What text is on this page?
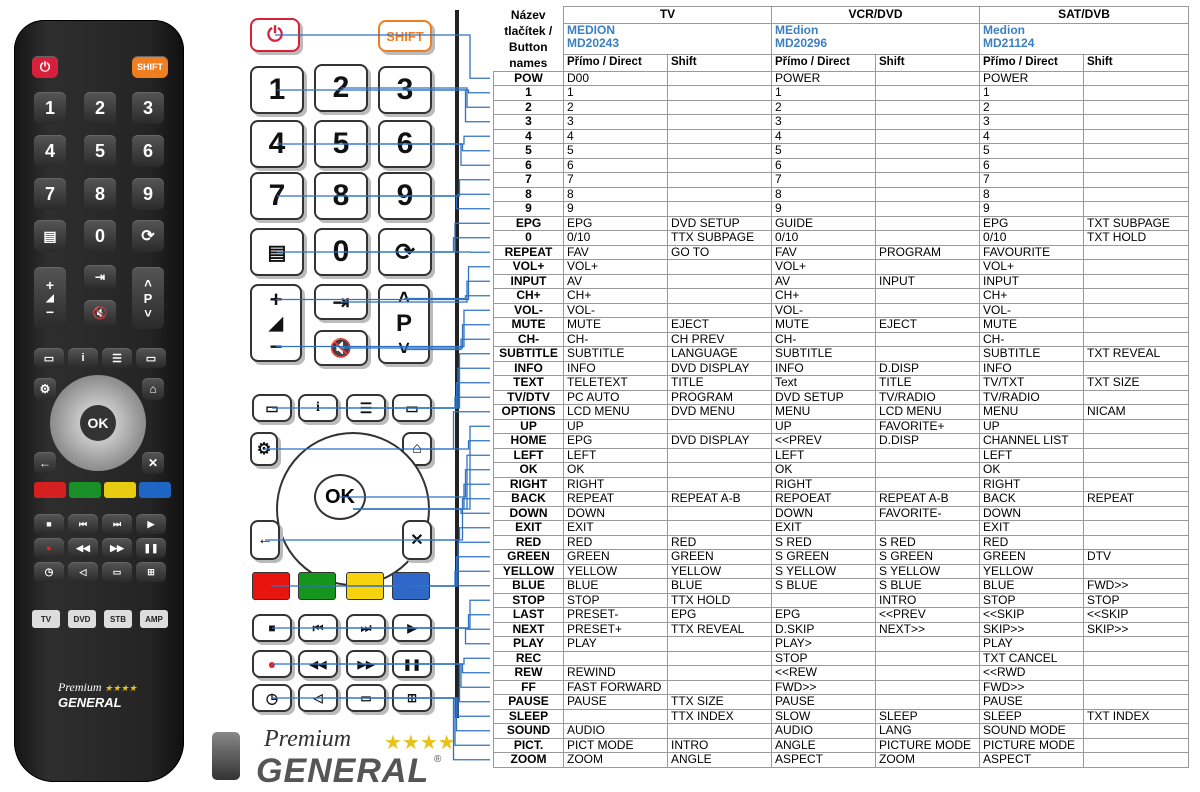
⏻	SHIFT
1	2	3
4	5	6
7	8	9
▤	0	⟳
+
◢
−
⇥
🔇
˄
P
˅
▭	i	☰	▭
⚙	⌂
OK
←	✕
■	⏮	⏭	▶
●	◀◀	▶▶	❚❚
◷	◁	▭	⊞
TV	DVD	STB	AMP
Premium ★★★★
GENERAL
⏻	SHIFT
1	2	3
4	5	6
7	8	9
▤	0	⟳
+
◢
−
⇥
🔇
˄
P
˅
▭	i	☰	▭
⚙	⌂
OK
←	✕
■	⏮	⏭	▶
●	◀◀	▶▶	❚❚
◷	◁	▭	⊞
Premium ★★★★
GENERAL ®
Název tlačítek / Button names	TV		VCR/DVD		SAT/DVB	
	MEDION
MD20243		MEdion
MD20296		Medion
MD21124	
	Přímo / Direct	Shift	Přímo / Direct	Shift	Přímo / Direct	Shift
POW	D00		POWER		POWER	
1	1		1		1	
2	2		2		2	
3	3		3		3	
4	4		4		4	
5	5		5		5	
6	6		6		6	
7	7		7		7	
8	8		8		8	
9	9		9		9	
EPG	EPG	DVD SETUP	GUIDE		EPG	TXT SUBPAGE
0	0/10	TTX SUBPAGE	0/10		0/10	TXT HOLD
REPEAT	FAV	GO TO	FAV	PROGRAM	FAVOURITE	
VOL+	VOL+		VOL+		VOL+	
INPUT	AV		AV	INPUT	INPUT	
CH+	CH+		CH+		CH+	
VOL-	VOL-		VOL-		VOL-	
MUTE	MUTE	EJECT	MUTE	EJECT	MUTE	
CH-	CH-	CH PREV	CH-		CH-	
SUBTITLE	SUBTITLE	LANGUAGE	SUBTITLE		SUBTITLE	TXT REVEAL
INFO	INFO	DVD DISPLAY	INFO	D.DISP	INFO	
TEXT	TELETEXT	TITLE	Text	TITLE	TV/TXT	TXT SIZE
TV/DTV	PC AUTO	PROGRAM	DVD SETUP	TV/RADIO	TV/RADIO	
OPTIONS	LCD MENU	DVD MENU	MENU	LCD MENU	MENU	NICAM
UP	UP		UP	FAVORITE+	UP	
HOME	EPG	DVD DISPLAY	<<PREV	D.DISP	CHANNEL LIST	
LEFT	LEFT		LEFT		LEFT	
OK	OK		OK		OK	
RIGHT	RIGHT		RIGHT		RIGHT	
BACK	REPEAT	REPEAT A-B	REPOEAT	REPEAT A-B	BACK	REPEAT
DOWN	DOWN		DOWN	FAVORITE-	DOWN	
EXIT	EXIT		EXIT		EXIT	
RED	RED	RED	S RED	S RED	RED	
GREEN	GREEN	GREEN	S GREEN	S GREEN	GREEN	DTV
YELLOW	YELLOW	YELLOW	S YELLOW	S YELLOW	YELLOW	
BLUE	BLUE	BLUE	S BLUE	S BLUE	BLUE	FWD>>
STOP	STOP	TTX HOLD		INTRO	STOP	STOP
LAST	PRESET-	EPG	EPG	<<PREV	<<SKIP	<<SKIP
NEXT	PRESET+	TTX REVEAL	D.SKIP	NEXT>>	SKIP>>	SKIP>>
PLAY	PLAY		PLAY>		PLAY	
REC			STOP		TXT CANCEL	
REW	REWIND		<<REW		<<RWD	
FF	FAST FORWARD		FWD>>		FWD>>	
PAUSE	PAUSE	TTX SIZE	PAUSE		PAUSE	
SLEEP		TTX INDEX	SLOW	SLEEP	SLEEP	TXT INDEX
SOUND	AUDIO		AUDIO	LANG	SOUND MODE	
PICT.	PICT MODE	INTRO	ANGLE	PICTURE MODE	PICTURE MODE	
ZOOM	ZOOM	ANGLE	ASPECT	ZOOM	ASPECT	
